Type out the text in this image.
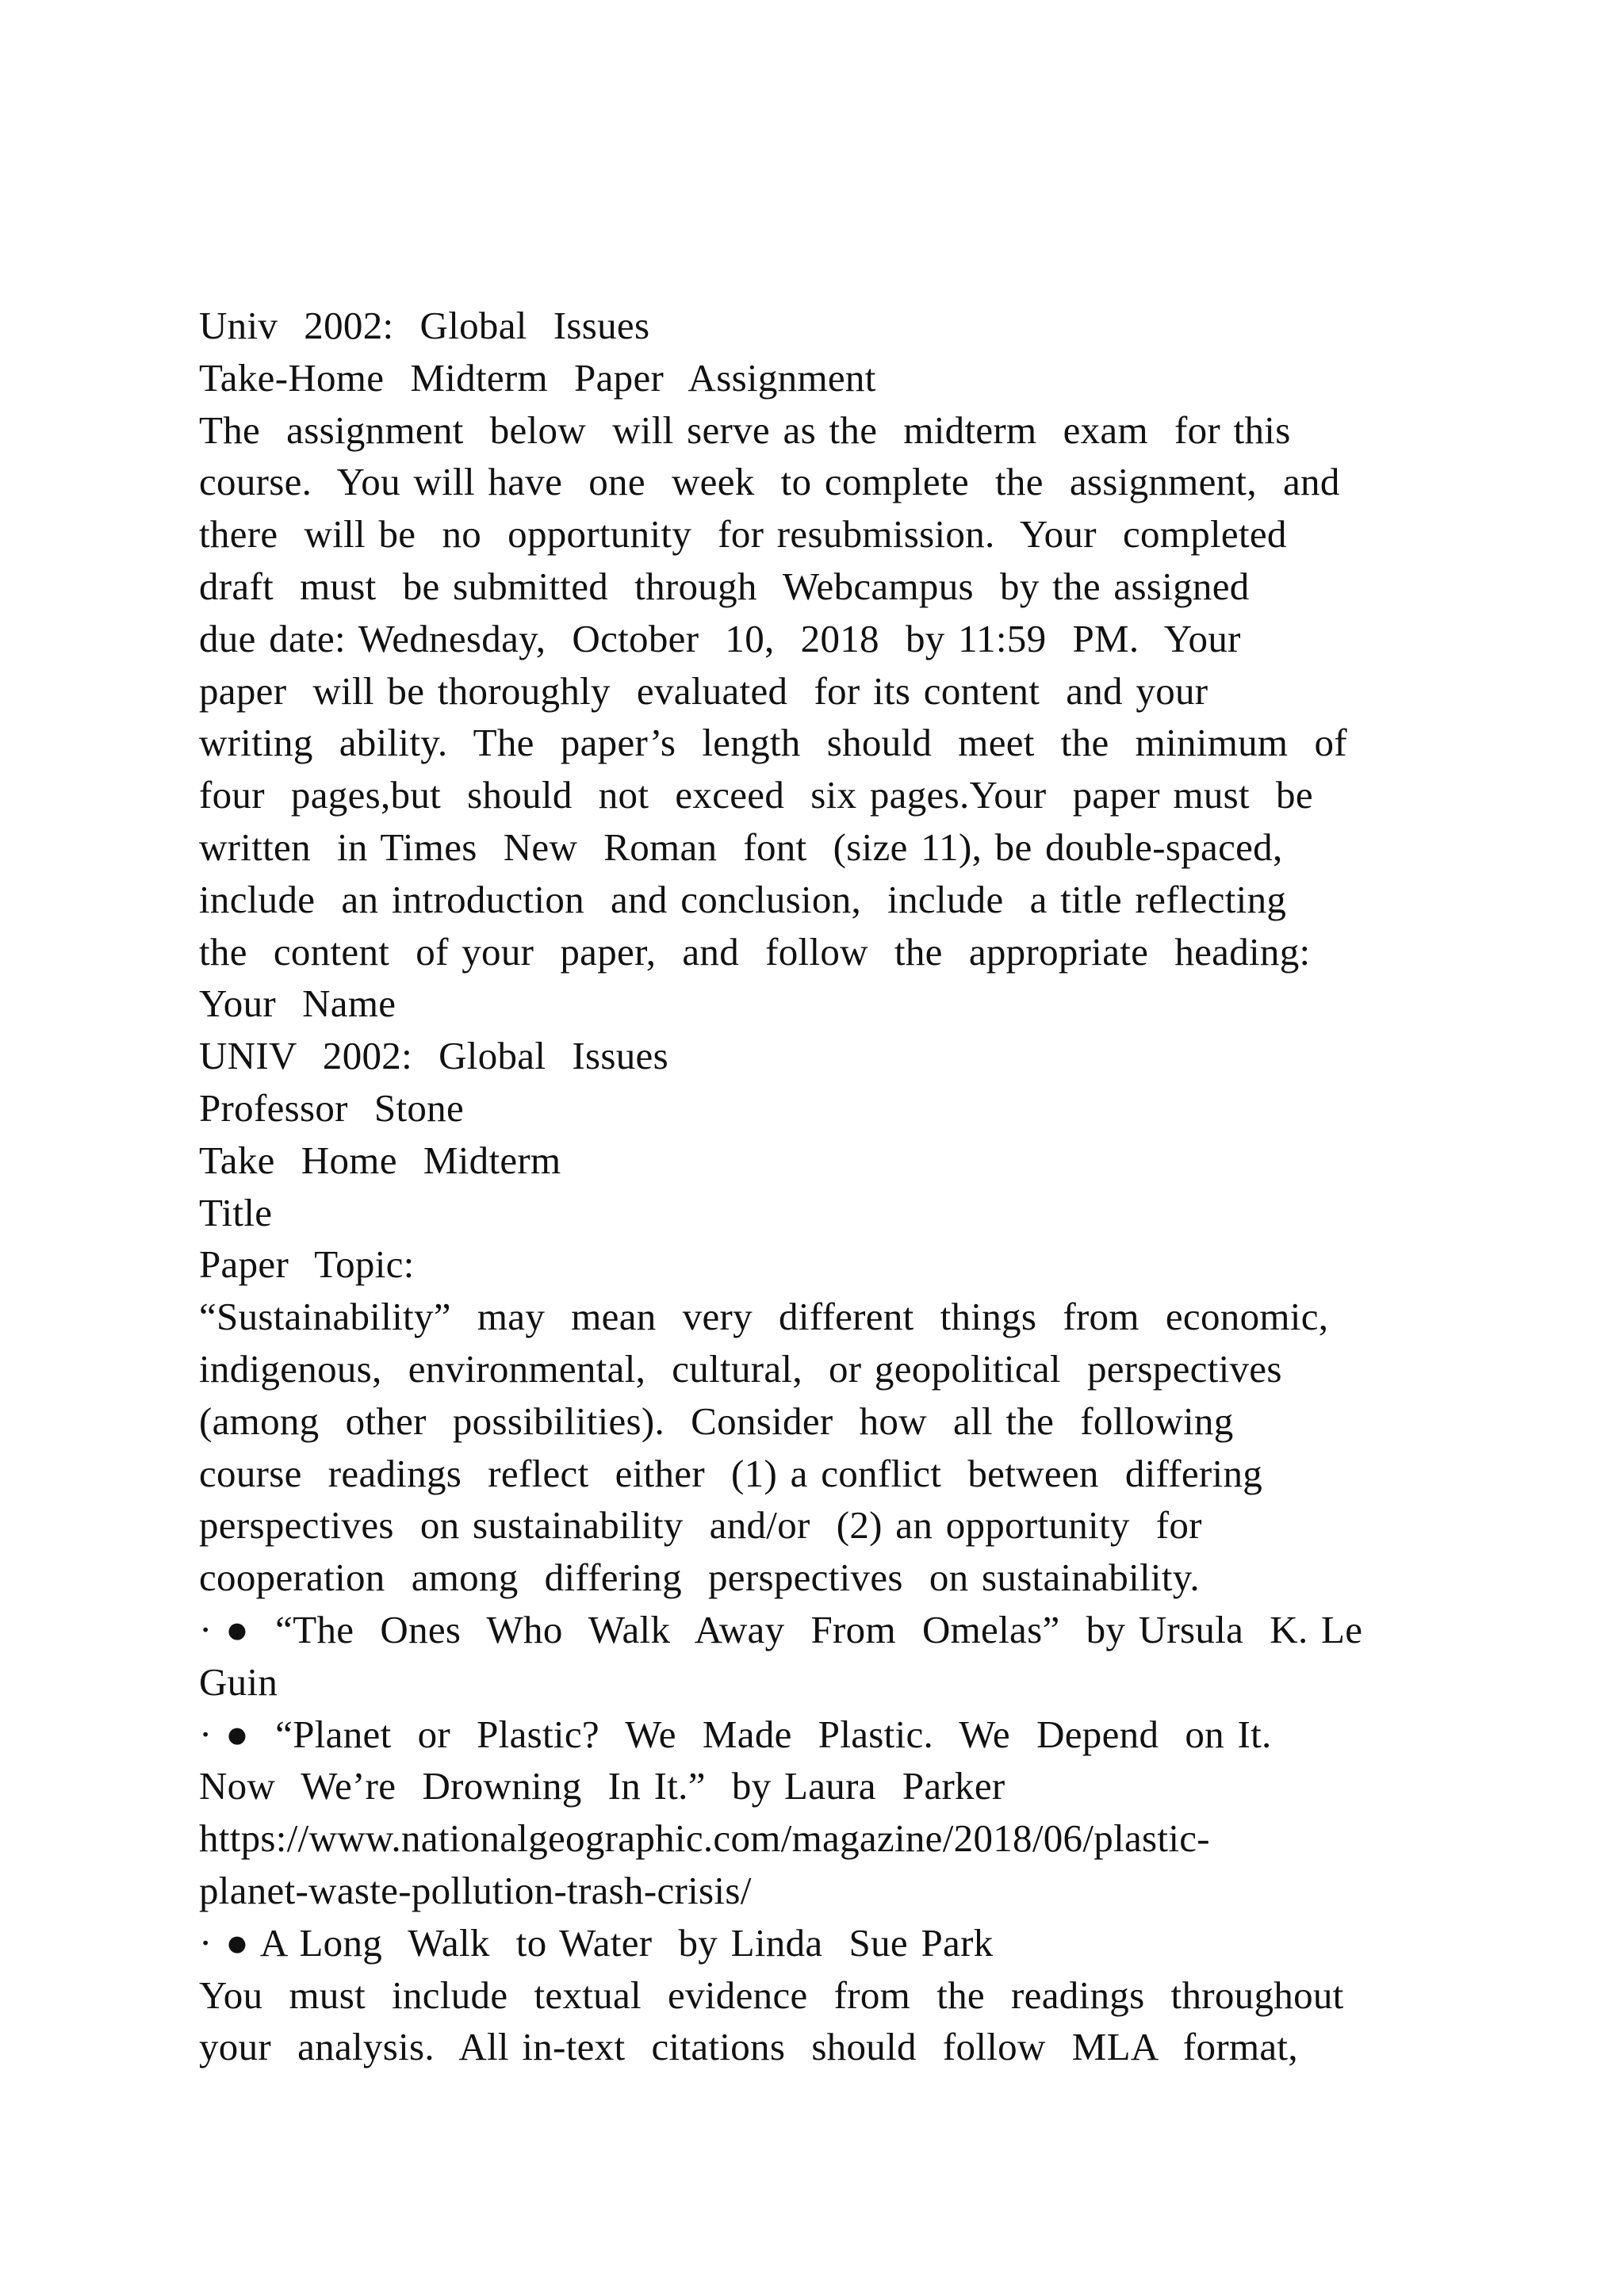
Univ  2002:  Global  Issues
Take-Home  Midterm  Paper  Assignment
The  assignment  below  will serve as the  midterm  exam  for this
course.  You will have  one  week  to complete  the  assignment,  and
there  will be  no  opportunity  for resubmission.  Your  completed
draft  must  be submitted  through  Webcampus  by the assigned
due date: Wednesday,  October  10,  2018  by 11:59  PM.  Your
paper  will be thoroughly  evaluated  for its content  and your
writing  ability.  The  paper’s  length  should  meet  the  minimum  of
four  pages,but  should  not  exceed  six pages.Your  paper must  be
written  in Times  New  Roman  font  (size 11), be double-spaced,
include  an introduction  and conclusion,  include  a title reflecting
the  content  of your  paper,  and  follow  the  appropriate  heading:
Your  Name
UNIV  2002:  Global  Issues
Professor  Stone
Take  Home  Midterm
Title
Paper  Topic:
“Sustainability”  may  mean  very  different  things  from  economic,
indigenous,  environmental,  cultural,  or geopolitical  perspectives
(among  other  possibilities).  Consider  how  all the  following
course  readings  reflect  either  (1) a conflict  between  differing
perspectives  on sustainability  and/or  (2) an opportunity  for
cooperation  among  differing  perspectives  on sustainability.
· ●  “The  Ones  Who  Walk  Away  From  Omelas”  by Ursula  K. Le
Guin
· ●  “Planet  or  Plastic?  We  Made  Plastic.  We  Depend  on It.
Now  We’re  Drowning  In It.”  by Laura  Parker
https://www.nationalgeographic.com/magazine/2018/06/plastic-
planet-waste-pollution-trash-crisis/
· ● A Long  Walk  to Water  by Linda  Sue Park
You  must  include  textual  evidence  from  the  readings  throughout
your  analysis.  All in-text  citations  should  follow  MLA  format,
